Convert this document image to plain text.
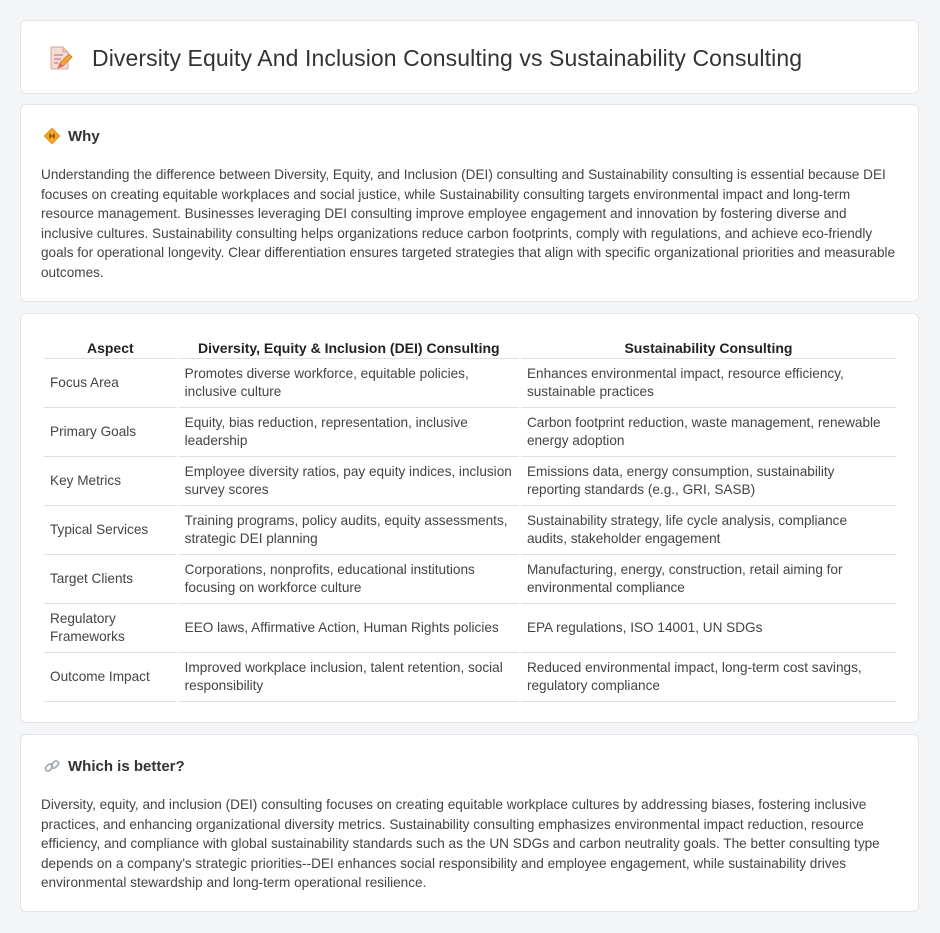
Diversity Equity And Inclusion Consulting vs Sustainability Consulting
Why

Understanding the difference between Diversity, Equity, and Inclusion (DEI) consulting and Sustainability consulting is essential because DEI focuses on creating equitable workplaces and social justice, while Sustainability consulting targets environmental impact and long-term resource management. Businesses leveraging DEI consulting improve employee engagement and innovation by fostering diverse and inclusive cultures. Sustainability consulting helps organizations reduce carbon footprints, comply with regulations, and achieve eco-friendly goals for operational longevity. Clear differentiation ensures targeted strategies that align with specific organizational priorities and measurable outcomes.

Aspect	Diversity, Equity & Inclusion (DEI) Consulting	Sustainability Consulting
Focus Area	Promotes diverse workforce, equitable policies, inclusive culture	Enhances environmental impact, resource efficiency, sustainable practices
Primary Goals	Equity, bias reduction, representation, inclusive leadership	Carbon footprint reduction, waste management, renewable energy adoption
Key Metrics	Employee diversity ratios, pay equity indices, inclusion survey scores	Emissions data, energy consumption, sustainability reporting standards (e.g., GRI, SASB)
Typical Services	Training programs, policy audits, equity assessments, strategic DEI planning	Sustainability strategy, life cycle analysis, compliance audits, stakeholder engagement
Target Clients	Corporations, nonprofits, educational institutions focusing on workforce culture	Manufacturing, energy, construction, retail aiming for environmental compliance
Regulatory Frameworks	EEO laws, Affirmative Action, Human Rights policies	EPA regulations, ISO 14001, UN SDGs
Outcome Impact	Improved workplace inclusion, talent retention, social responsibility	Reduced environmental impact, long-term cost savings, regulatory compliance
Which is better?

Diversity, equity, and inclusion (DEI) consulting focuses on creating equitable workplace cultures by addressing biases, fostering inclusive practices, and enhancing organizational diversity metrics. Sustainability consulting emphasizes environmental impact reduction, resource efficiency, and compliance with global sustainability standards such as the UN SDGs and carbon neutrality goals. The better consulting type depends on a company's strategic priorities--DEI enhances social responsibility and employee engagement, while sustainability drives environmental stewardship and long-term operational resilience.
